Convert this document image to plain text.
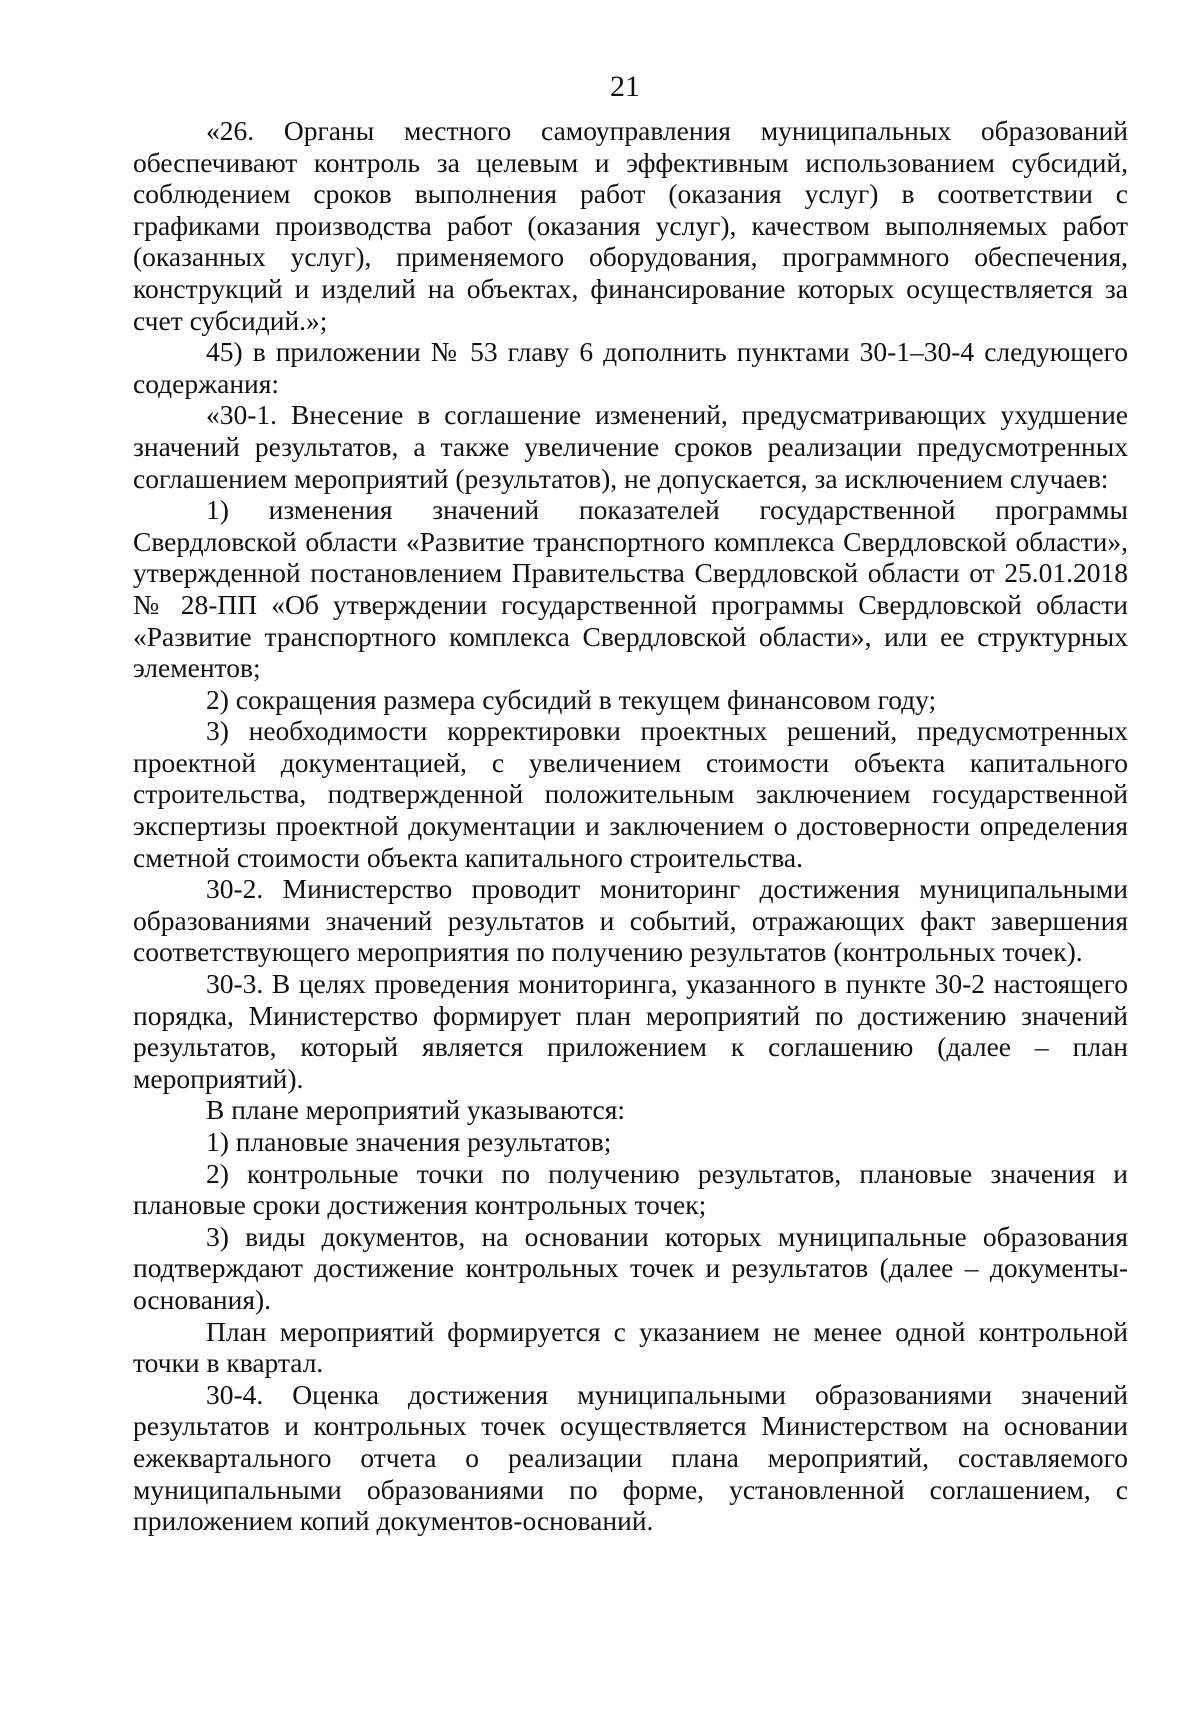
21

«26. Органы местного самоуправления муниципальных образований обеспечивают контроль за целевым и эффективным использованием субсидий, соблюдением сроков выполнения работ (оказания услуг) в соответствии с графиками производства работ (оказания услуг), качеством выполняемых работ (оказанных услуг), применяемого оборудования, программного обеспечения, конструкций и изделий на объектах, финансирование которых осуществляется за счет субсидий.»;

45) в приложении № 53 главу 6 дополнить пунктами 30-1–30-4 следующего содержания:

«30-1. Внесение в соглашение изменений, предусматривающих ухудшение значений результатов, а также увеличение сроков реализации предусмотренных соглашением мероприятий (результатов), не допускается, за исключением случаев:

1) изменения значений показателей государственной программы Свердловской области «Развитие транспортного комплекса Свердловской области», утвержденной постановлением Правительства Свердловской области от 25.01.2018 № 28-ПП «Об утверждении государственной программы Свердловской области «Развитие транспортного комплекса Свердловской области», или ее структурных элементов;

2) сокращения размера субсидий в текущем финансовом году;

3) необходимости корректировки проектных решений, предусмотренных проектной документацией, с увеличением стоимости объекта капитального строительства, подтвержденной положительным заключением государственной экспертизы проектной документации и заключением о достоверности определения сметной стоимости объекта капитального строительства.

30-2. Министерство проводит мониторинг достижения муниципальными образованиями значений результатов и событий, отражающих факт завершения соответствующего мероприятия по получению результатов (контрольных точек).

30-3. В целях проведения мониторинга, указанного в пункте 30-2 настоящего порядка, Министерство формирует план мероприятий по достижению значений результатов, который является приложением к соглашению (далее – план мероприятий).

В плане мероприятий указываются:

1) плановые значения результатов;

2) контрольные точки по получению результатов, плановые значения и плановые сроки достижения контрольных точек;

3) виды документов, на основании которых муниципальные образования подтверждают достижение контрольных точек и результатов (далее – документы-основания).

План мероприятий формируется с указанием не менее одной контрольной точки в квартал.

30-4. Оценка достижения муниципальными образованиями значений результатов и контрольных точек осуществляется Министерством на основании ежеквартального отчета о реализации плана мероприятий, составляемого муниципальными образованиями по форме, установленной соглашением, с приложением копий документов-оснований.
